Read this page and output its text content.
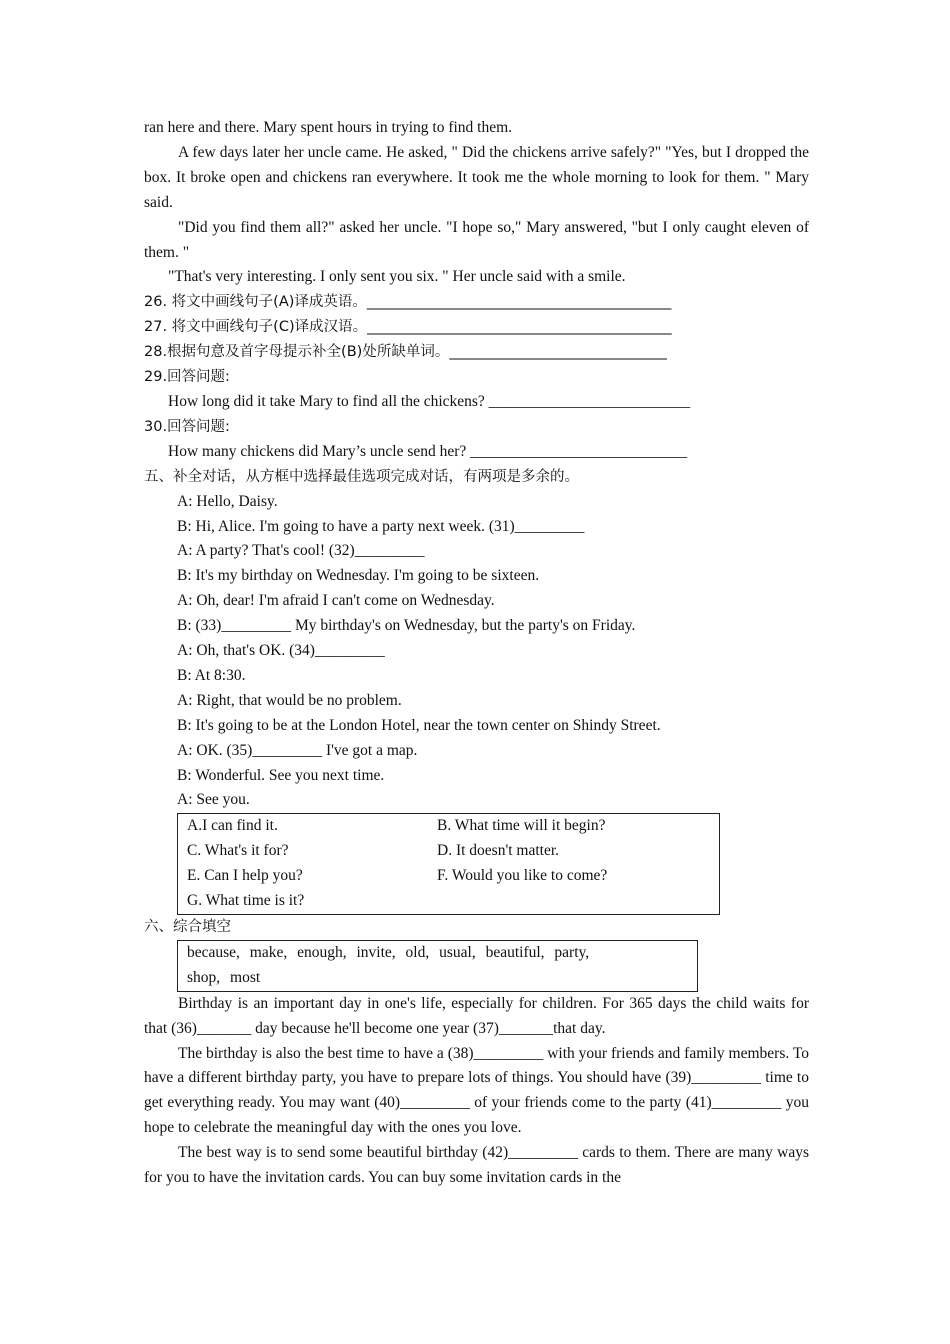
ran here and there. Mary spent hours in trying to find them.

A few days later her uncle came. He asked, " Did the chickens arrive safely?" "Yes, but I dropped the box. It broke open and chickens ran everywhere. It took me the whole morning to look for them. " Mary said.

"Did you find them all?" asked her uncle. "I hope so," Mary answered, "but I only caught eleven of them. "

"That's very interesting. I only sent you six. " Her uncle said with a smile.

26. 将文中画线句子(A)译成英语。__________________________________________

27. 将文中画线句子(C)译成汉语。__________________________________________

28.根据句意及首字母提示补全(B)处所缺单词。______________________________

29.回答问题:

How long did it take Mary to find all the chickens? __________________________

30.回答问题:

How many chickens did Mary’s uncle send her? ____________________________

五、补全对话，从方框中选择最佳选项完成对话，有两项是多余的。

A: Hello, Daisy.

B: Hi, Alice. I'm going to have a party next week. (31)_________

A: A party? That's cool! (32)_________

B: It's my birthday on Wednesday. I'm going to be sixteen.

A: Oh, dear! I'm afraid I can't come on Wednesday.

B: (33)_________ My birthday's on Wednesday, but the party's on Friday.

A: Oh, that's OK. (34)_________

B: At 8:30.

A: Right, that would be no problem.

B: It's going to be at the London Hotel, near the town center on Shindy Street.

A: OK. (35)_________ I've got a map.

B: Wonderful. See you next time.

A: See you.

A.I can find it.	B. What time will it begin?
C. What's it for?	D. It doesn't matter.
E. Can I help you?	F. Would you like to come?
G. What time is it?

六、综合填空

because, make, enough, invite, old, usual, beautiful, party,
shop, most

Birthday is an important day in one's life, especially for children. For 365 days the child waits for that (36)_______ day because he'll become one year (37)_______that day.

The birthday is also the best time to have a (38)_________ with your friends and family members. To have a different birthday party, you have to prepare lots of things. You should have (39)_________ time to get everything ready. You may want (40)_________ of your friends come to the party (41)_________ you hope to celebrate the meaningful day with the ones you love.

The best way is to send some beautiful birthday (42)_________ cards to them. There are many ways for you to have the invitation cards. You can buy some invitation cards in the
